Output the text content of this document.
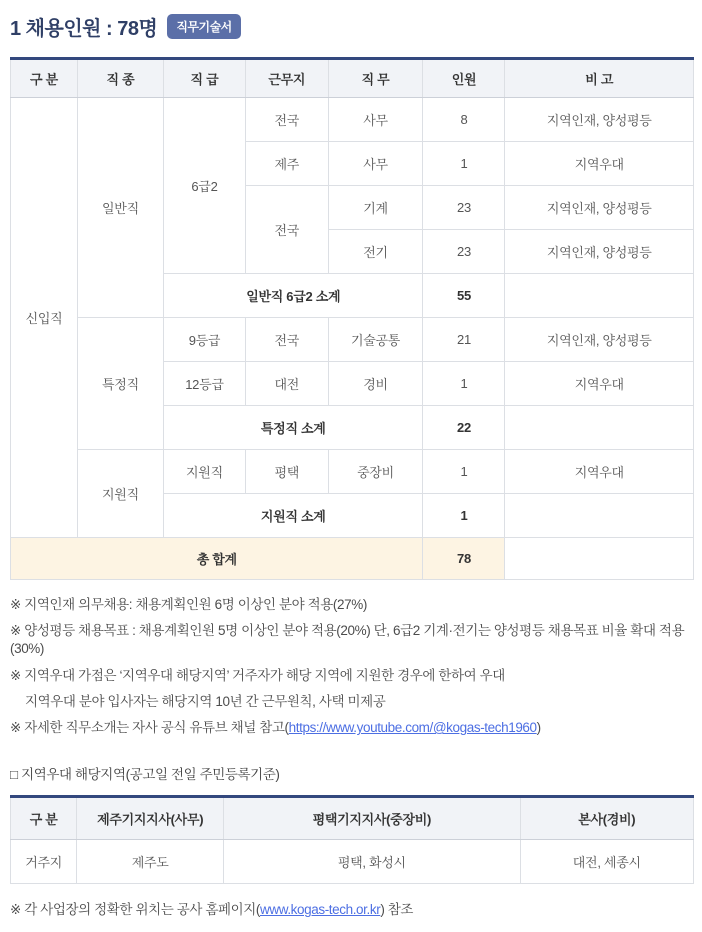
1 채용인원 : 78명	직무기술서
구 분	직 종	직 급	근무지	직 무	인원	비 고
신입직	일반직	6급2	전국	사무	8	지역인재, 양성평등
			제주	사무	1	지역우대
			전국	기계	23	지역인재, 양성평등
				전기	23	지역인재, 양성평등
		일반직 6급2 소계			55	
	특정직	9등급	전국	기술공통	21	지역인재, 양성평등
		12등급	대전	경비	1	지역우대
		특정직 소계			22	
	지원직	지원직	평택	중장비	1	지역우대
		지원직 소계			1	
총 합계					78	

※ 지역인재 의무채용: 채용계획인원 6명 이상인 분야 적용(27%)

※ 양성평등 채용목표 : 채용계획인원 5명 이상인 분야 적용(20%) 단, 6급2 기계·전기는 양성평등 채용목표 비율 확대 적용(30%)

※ 지역우대 가점은 ‘지역우대 해당지역’ 거주자가 해당 지역에 지원한 경우에 한하여 우대

지역우대 분야 입사자는 해당지역 10년 간 근무원칙, 사택 미제공

※ 자세한 직무소개는 자사 공식 유튜브 채널 참고(https://www.youtube.com/@kogas-tech1960)

□ 지역우대 해당지역(공고일 전일 주민등록기준)

구 분	제주기지지사(사무)	평택기지지사(중장비)	본사(경비)
거주지	제주도	평택, 화성시	대전, 세종시

※ 각 사업장의 정확한 위치는 공사 홈페이지(www.kogas-tech.or.kr) 참조
